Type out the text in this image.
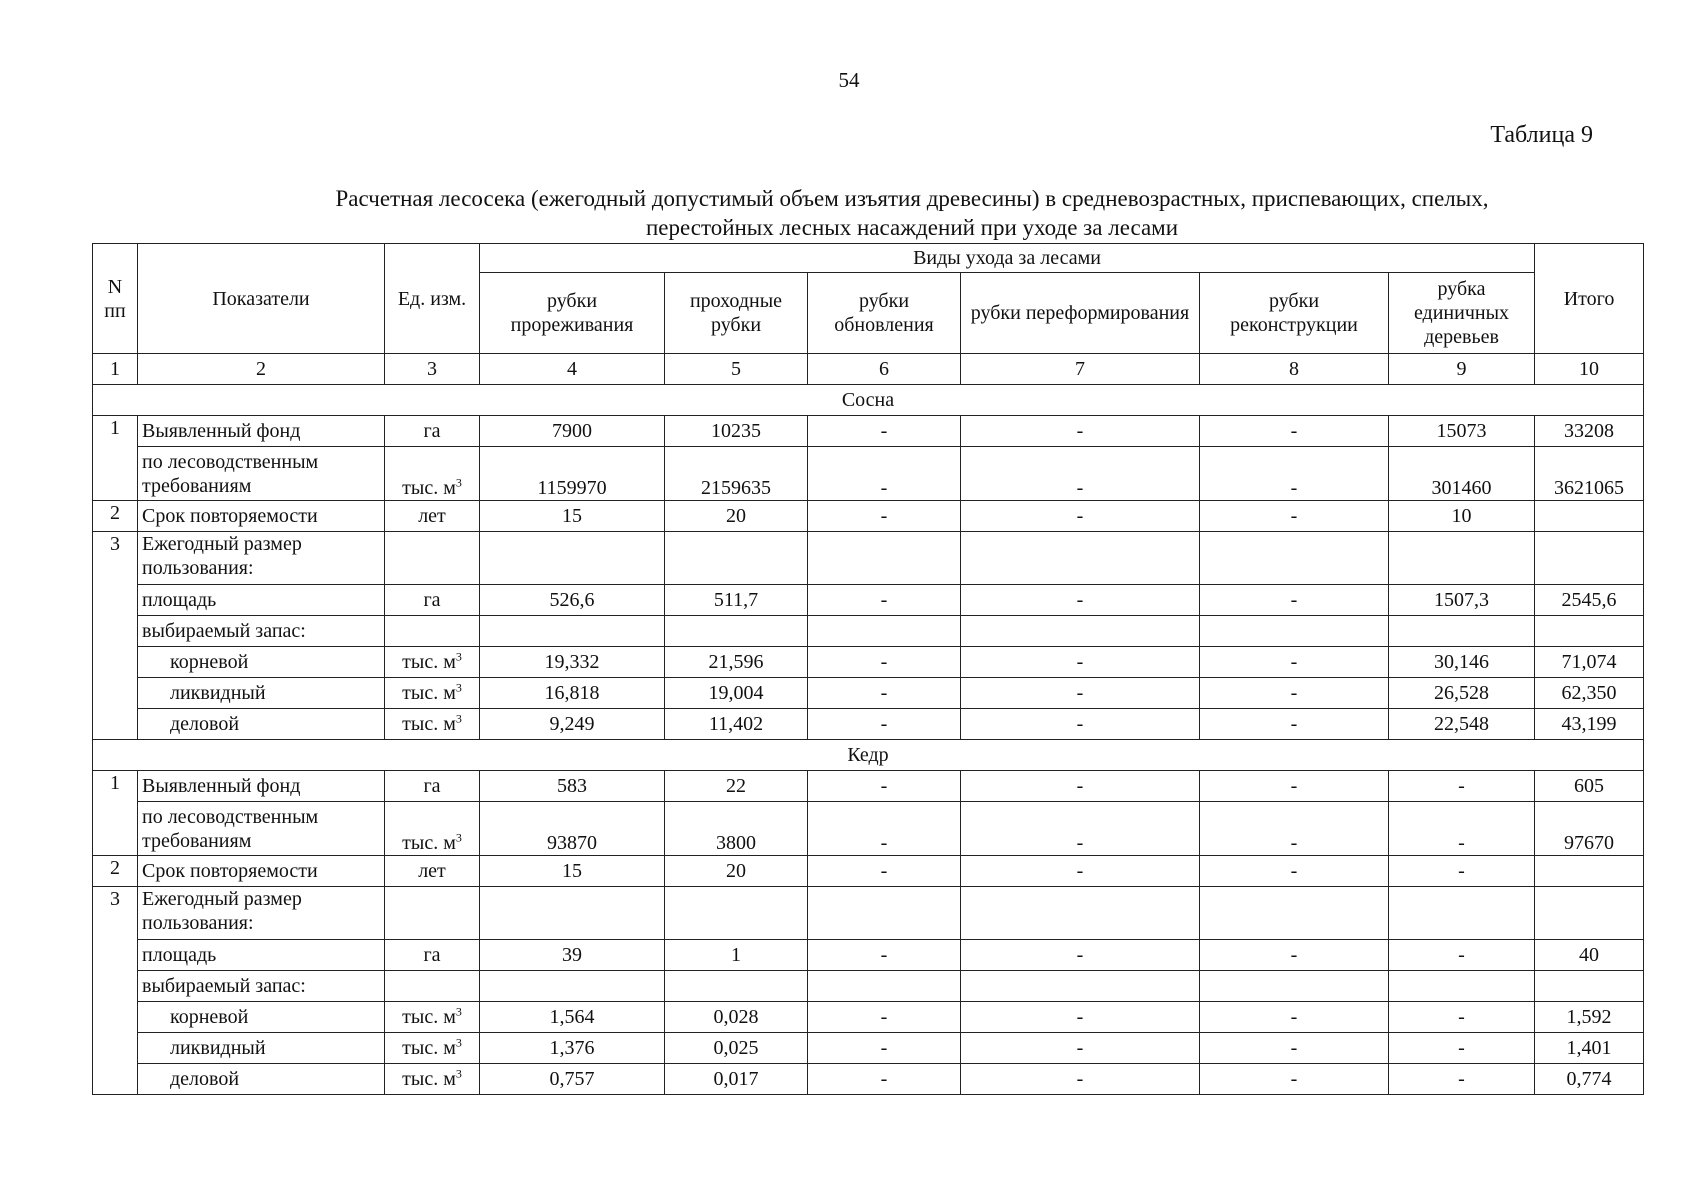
54
Таблица 9
Расчетная лесосека (ежегодный допустимый объем изъятия древесины) в средневозрастных, приспевающих, спелых,
перестойных лесных насаждений при уходе за лесами
N пп	Показатели	Ед. изм.	Виды ухода за лесами						Итого
			рубки прореживания	проходные рубки	рубки обновления	рубки переформирования	рубки реконструкции	рубка единичных деревьев	
1	2	3	4	5	6	7	8	9	10
Сосна									
1	Выявленный фонд	га	7900	10235	-	-	-	15073	33208
	по лесоводственным требованиям	тыс. $м^3$	1159970	2159635	-	-	-	301460	3621065
2	Срок повторяемости	лет	15	20	-	-	-	10	
3	Ежегодный размер пользования:								
	площадь	га	526,6	511,7	-	-	-	1507,3	2545,6
	выбираемый запас:								
	корневой	тыс. $м^3$	19,332	21,596	-	-	-	30,146	71,074
	ликвидный	тыс. $м^3$	16,818	19,004	-	-	-	26,528	62,350
	деловой	тыс. $м^3$	9,249	11,402	-	-	-	22,548	43,199
Кедр									
1	Выявленный фонд	га	583	22	-	-	-	-	605
	по лесоводственным требованиям	тыс. $м^3$	93870	3800	-	-	-	-	97670
2	Срок повторяемости	лет	15	20	-	-	-	-	
3	Ежегодный размер пользования:								
	площадь	га	39	1	-	-	-	-	40
	выбираемый запас:								
	корневой	тыс. $м^3$	1,564	0,028	-	-	-	-	1,592
	ликвидный	тыс. $м^3$	1,376	0,025	-	-	-	-	1,401
	деловой	тыс. $м^3$	0,757	0,017	-	-	-	-	0,774
